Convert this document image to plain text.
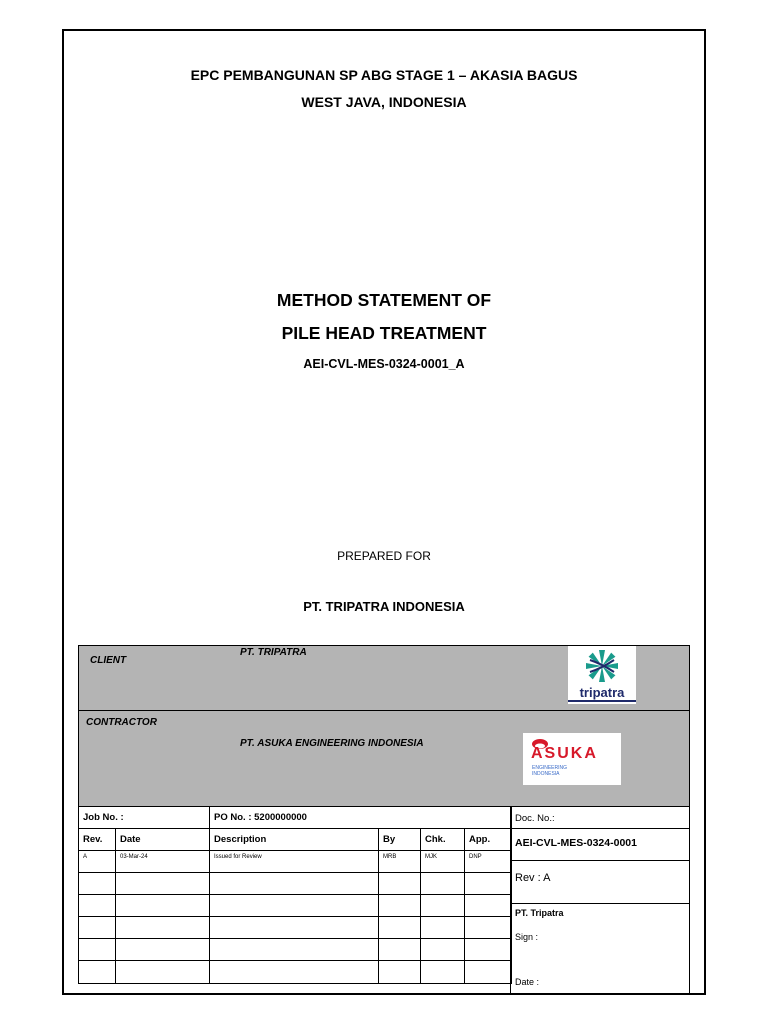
EPC PEMBANGUNAN SP ABG STAGE 1 – AKASIA BAGUS
WEST JAVA, INDONESIA
METHOD STATEMENT OF
PILE HEAD TREATMENT
AEI-CVL-MES-0324-0001_A
PREPARED FOR
PT. TRIPATRA INDONESIA
CLIENT
PT. TRIPATRA
tripatra
CONTRACTOR
PT. ASUKA ENGINEERING INDONESIA
ASUKA
ENGINEERING
INDONESIA
Job No. :		PO No. : 5200000000			
Rev.	Date	Description	By	Chk.	App.
A	03-Mar-24	Issued for Review	MRB	MJK	DNP

Doc. No.:
AEI-CVL-MES-0324-0001
Rev : A
PT. Tripatra
Sign :
Date :
